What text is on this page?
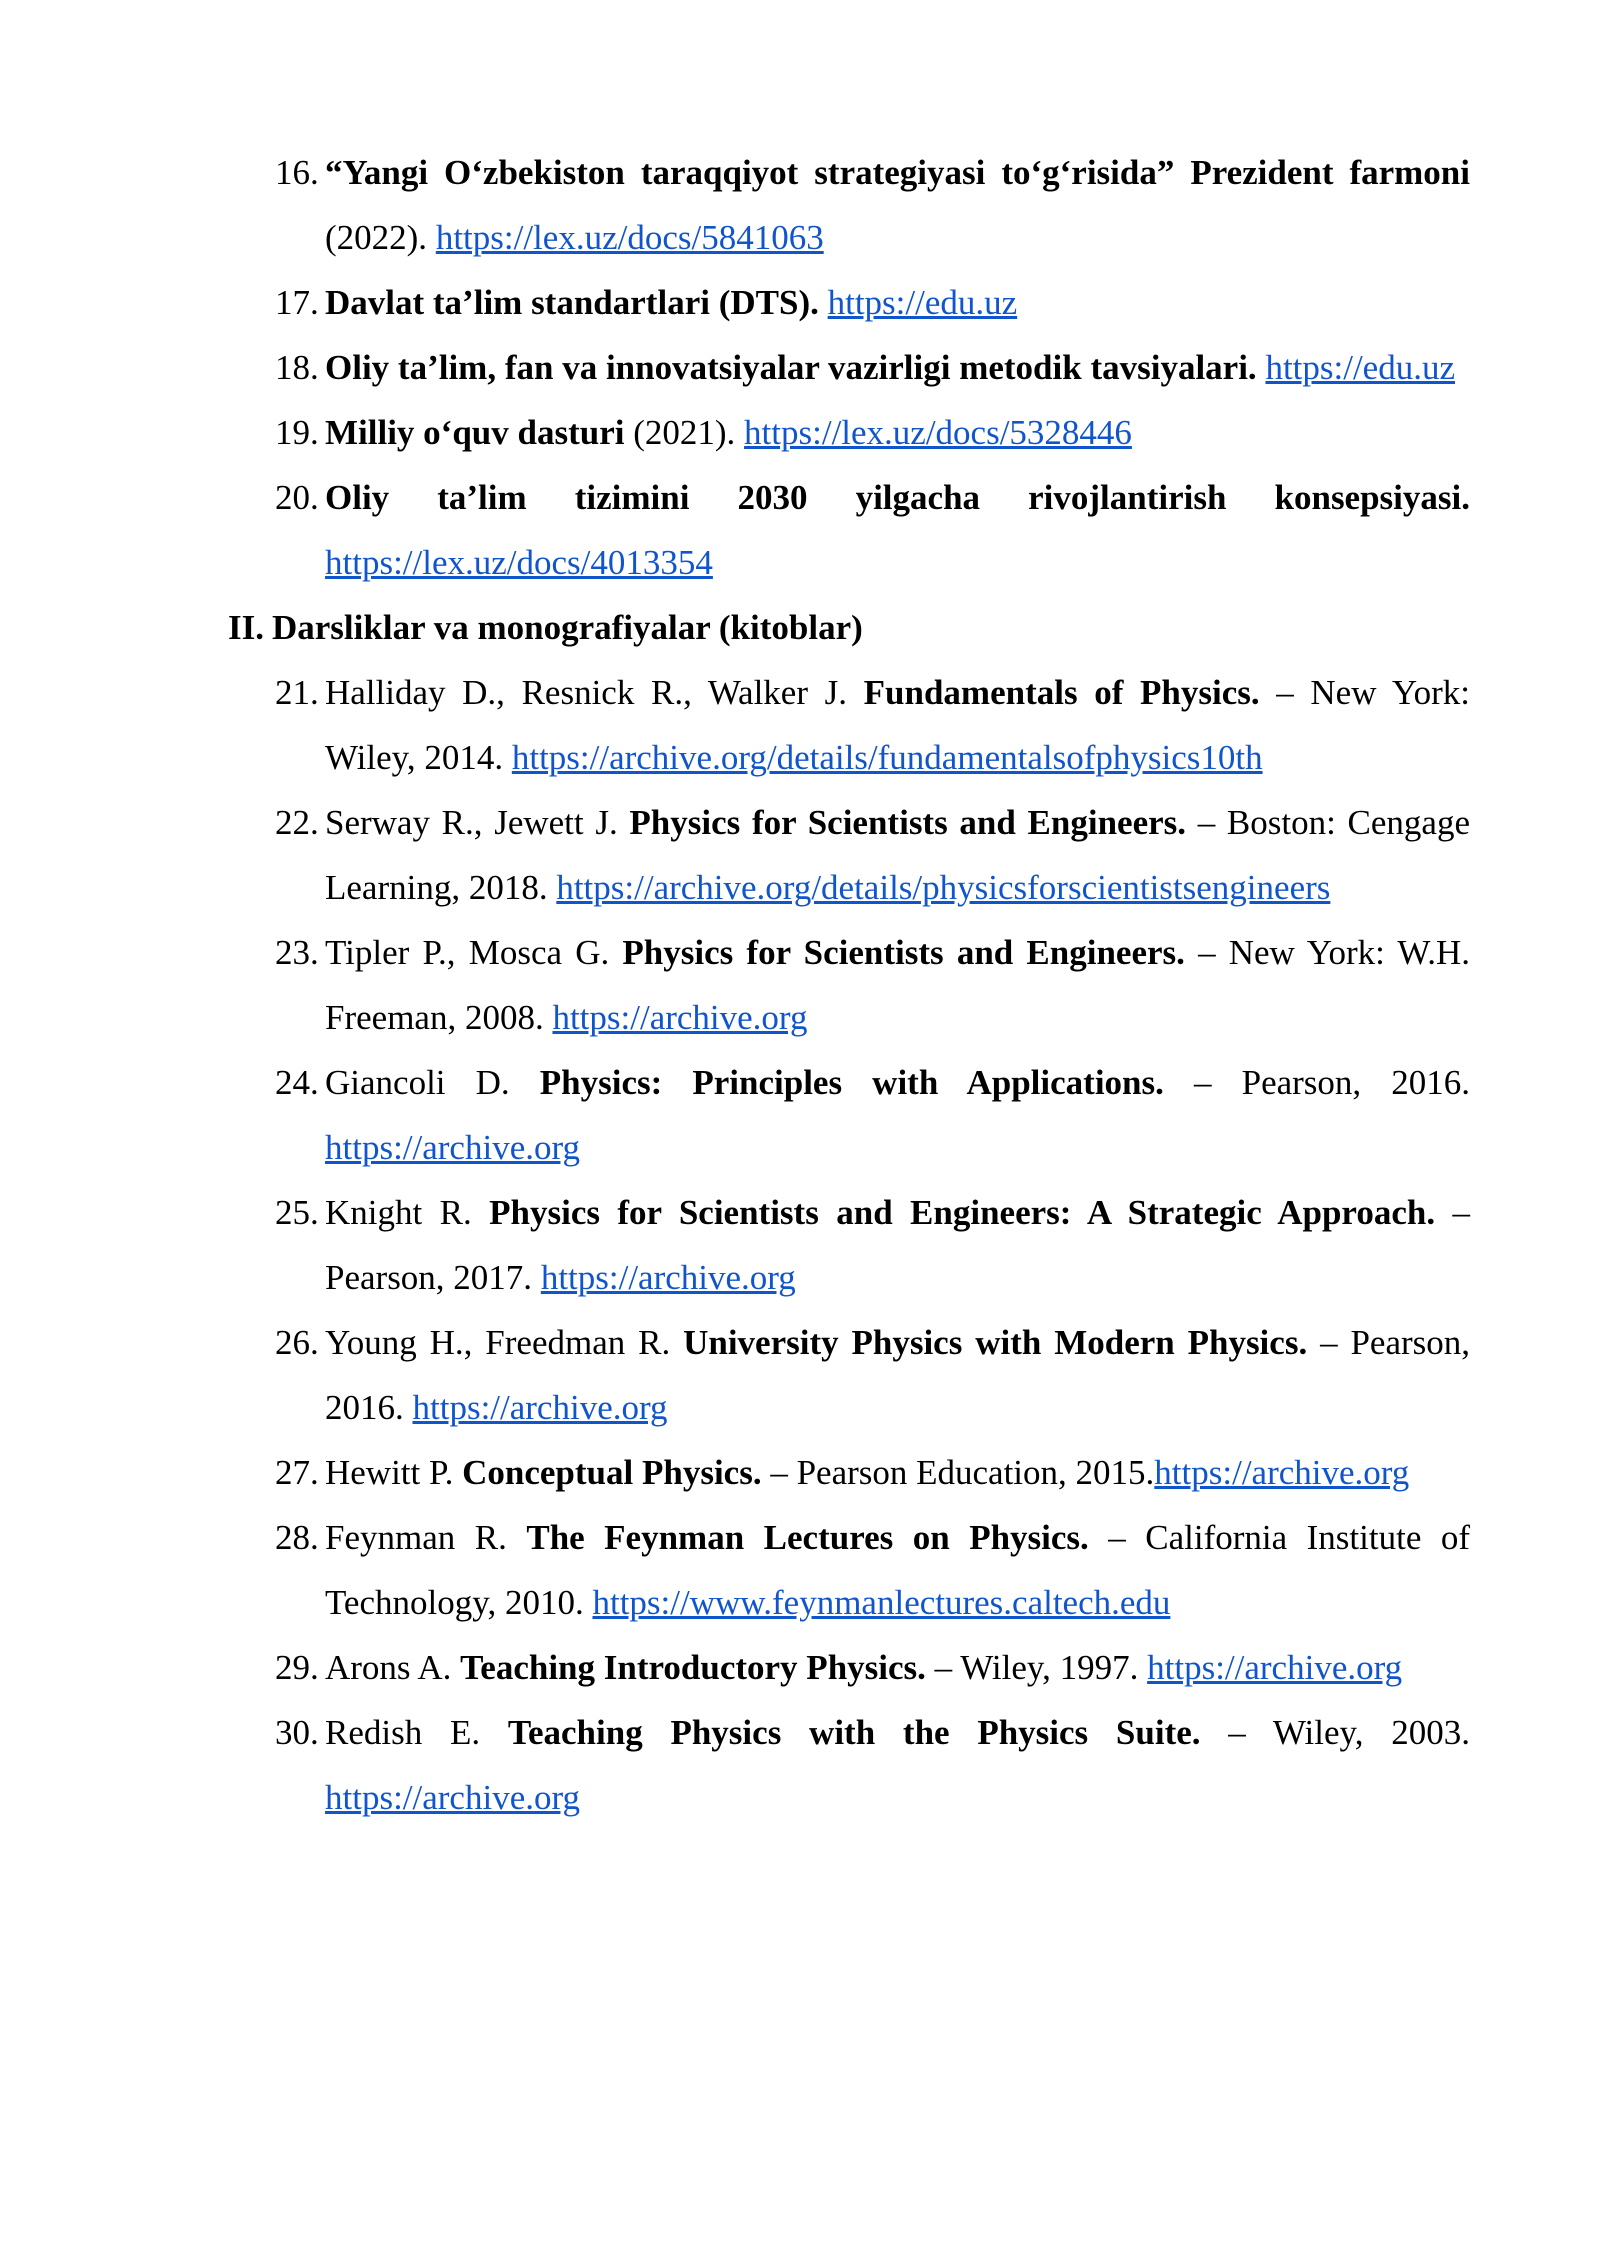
16. “Yangi O‘zbekiston taraqqiyot strategiyasi to‘g‘risida” Prezident farmoni (2022). https://lex.uz/docs/5841063
17. Davlat ta’lim standartlari (DTS). https://edu.uz
18. Oliy ta’lim, fan va innovatsiyalar vazirligi metodik tavsiyalari. https://edu.uz
19. Milliy o‘quv dasturi (2021). https://lex.uz/docs/5328446
20. Oliy ta’lim tizimini 2030 yilgacha rivojlantirish konsepsiyasi. https://lex.uz/docs/4013354
II. Darsliklar va monografiyalar (kitoblar)
21. Halliday D., Resnick R., Walker J. Fundamentals of Physics. – New York: Wiley, 2014. https://archive.org/details/fundamentalsofphysics10th
22. Serway R., Jewett J. Physics for Scientists and Engineers. – Boston: Cengage Learning, 2018. https://archive.org/details/physicsforscientistsengineers
23. Tipler P., Mosca G. Physics for Scientists and Engineers. – New York: W.H. Freeman, 2008. https://archive.org
24. Giancoli D. Physics: Principles with Applications. – Pearson, 2016. https://archive.org
25. Knight R. Physics for Scientists and Engineers: A Strategic Approach. – Pearson, 2017. https://archive.org
26. Young H., Freedman R. University Physics with Modern Physics. – Pearson, 2016. https://archive.org
27. Hewitt P. Conceptual Physics. – Pearson Education, 2015.https://archive.org
28. Feynman R. The Feynman Lectures on Physics. – California Institute of Technology, 2010. https://www.feynmanlectures.caltech.edu
29. Arons A. Teaching Introductory Physics. – Wiley, 1997. https://archive.org
30. Redish E. Teaching Physics with the Physics Suite. – Wiley, 2003. https://archive.org
